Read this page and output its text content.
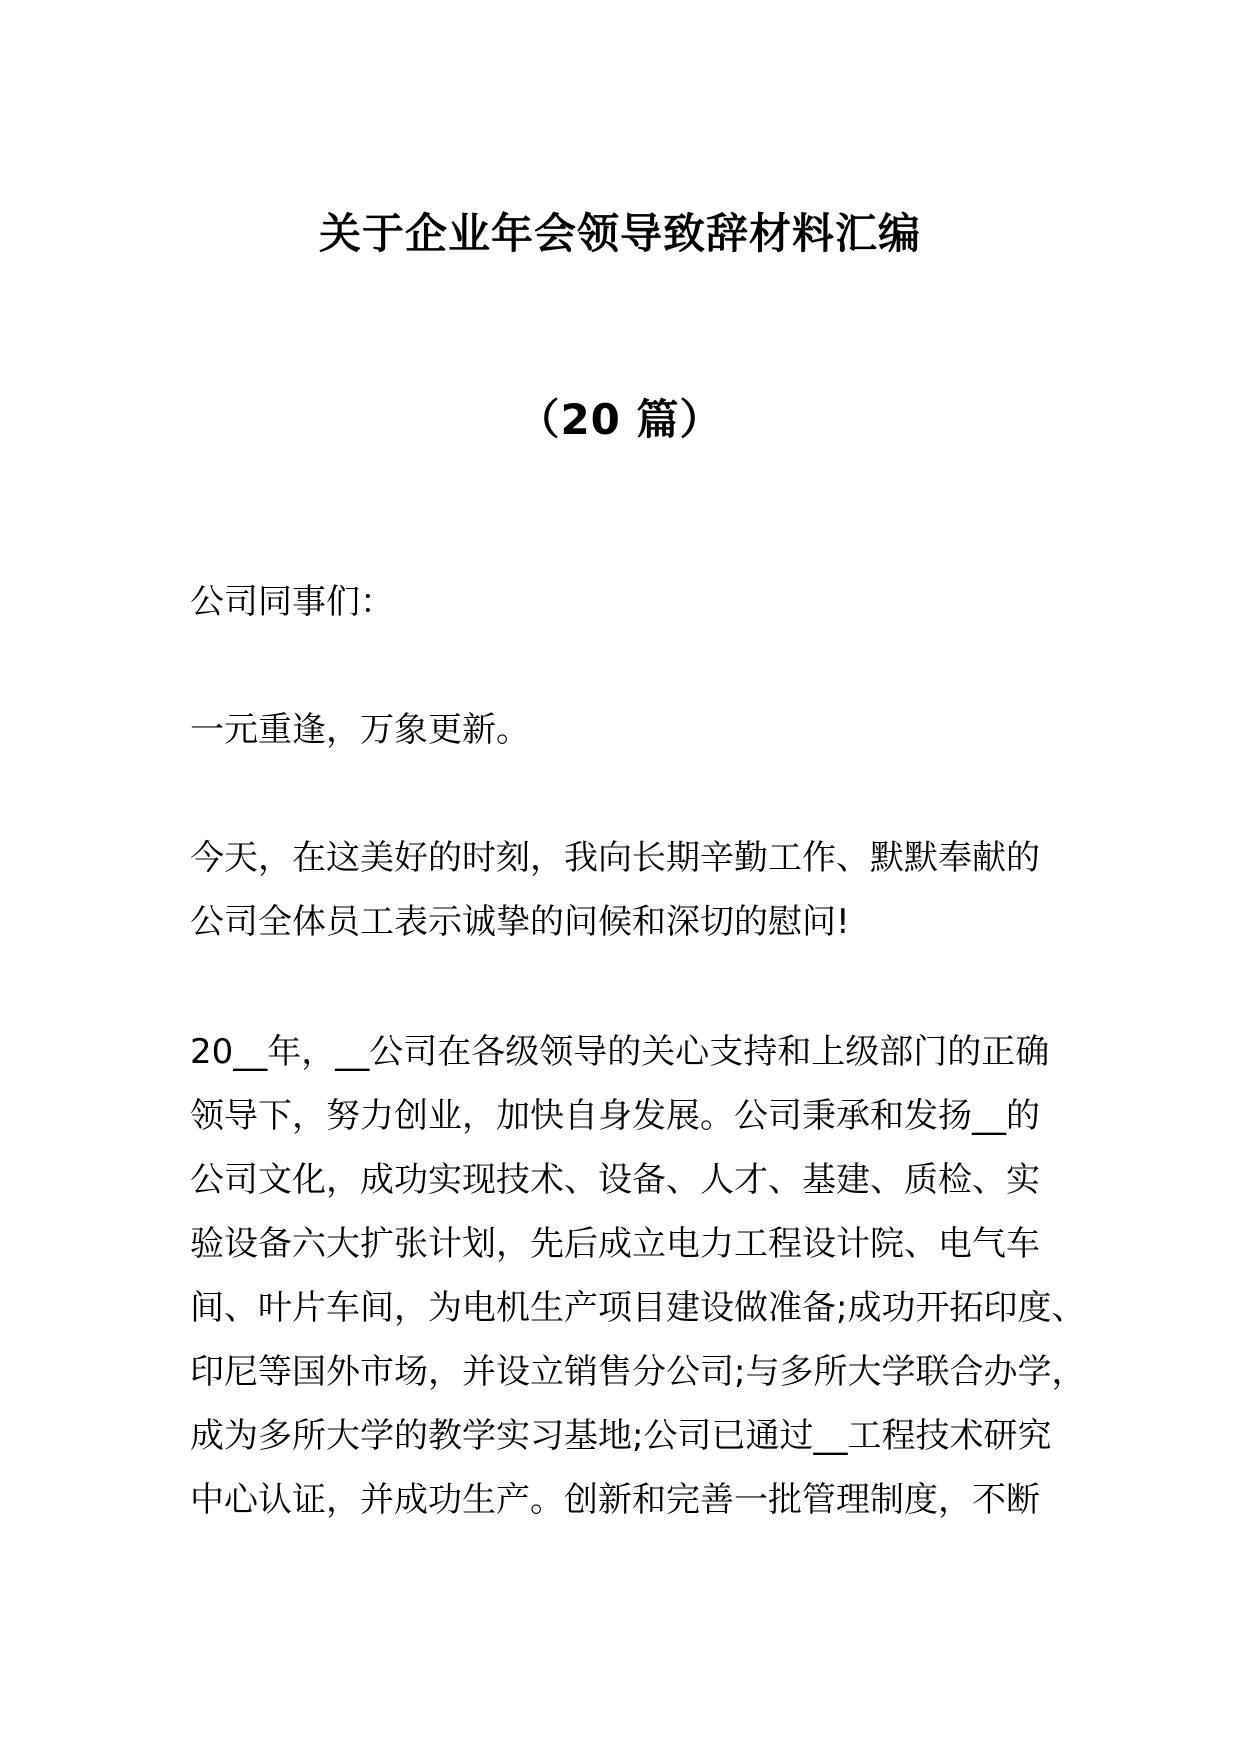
关于企业年会领导致辞材料汇编
（20 篇）

公司同事们：

一元重逢，万象更新。

今天，在这美好的时刻，我向长期辛勤工作、默默奉献的
公司全体员工表示诚挚的问候和深切的慰问!

20__年，__公司在各级领导的关心支持和上级部门的正确
领导下，努力创业，加快自身发展。公司秉承和发扬__的
公司文化，成功实现技术、设备、人才、基建、质检、实
验设备六大扩张计划，先后成立电力工程设计院、电气车
间、叶片车间，为电机生产项目建设做准备;成功开拓印度、
印尼等国外市场，并设立销售分公司;与多所大学联合办学，
成为多所大学的教学实习基地;公司已通过__工程技术研究
中心认证，并成功生产。创新和完善一批管理制度，不断
